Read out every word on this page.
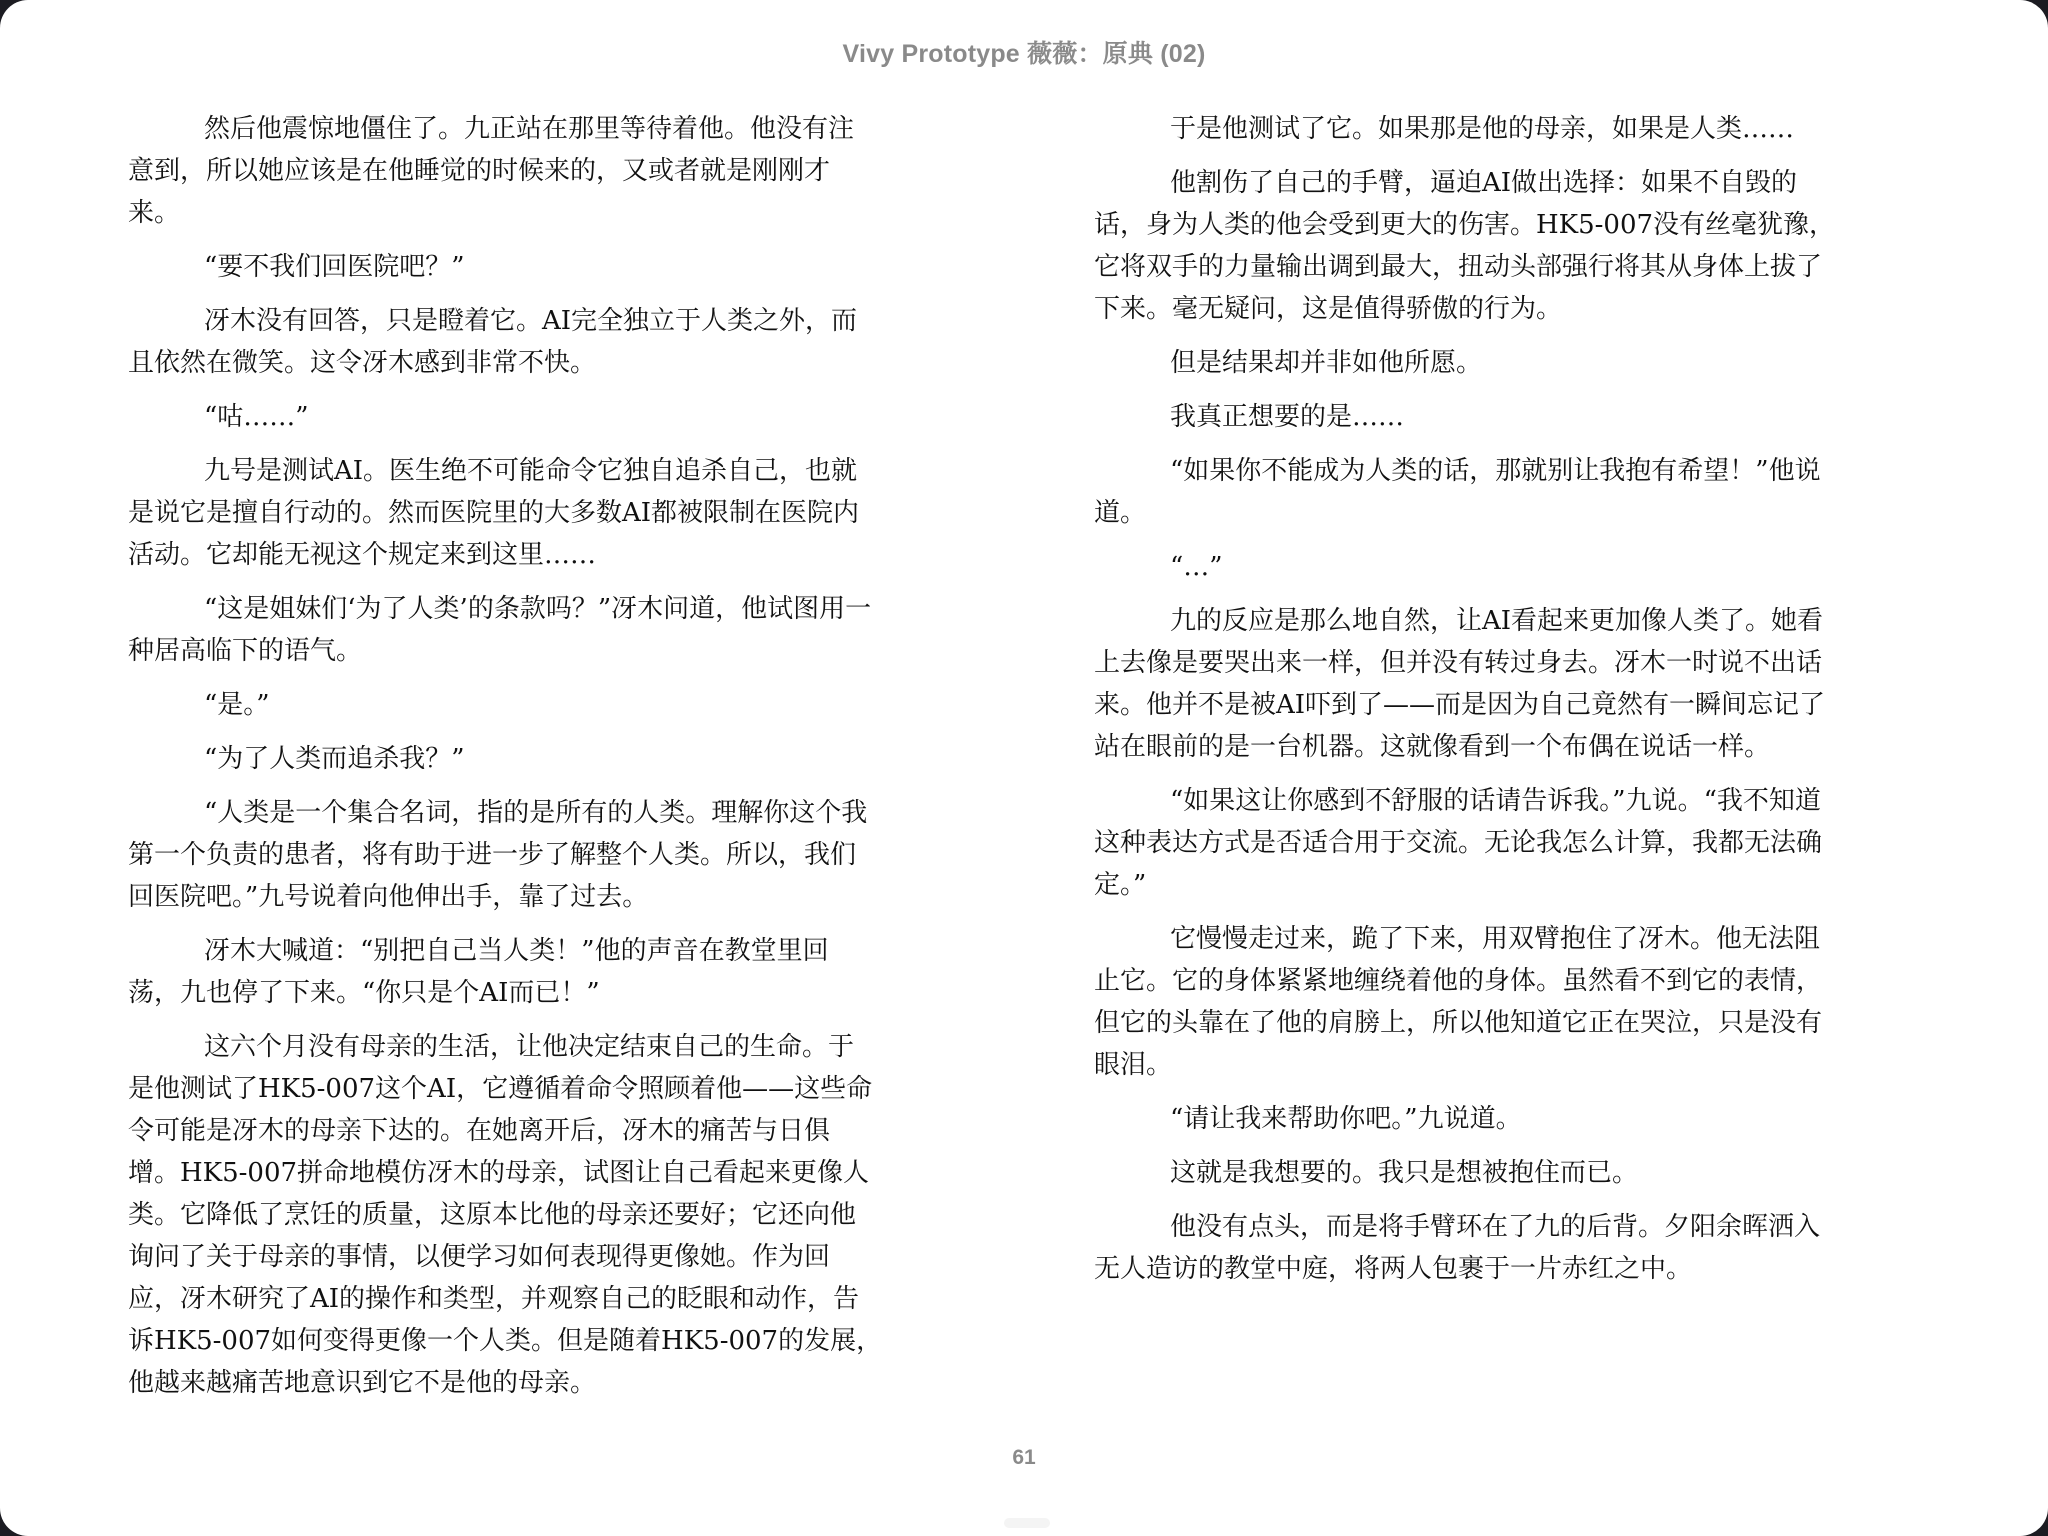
Vivy Prototype 薇薇：原典 (02)
然后他震惊地僵住了。九正站在那里等待着他。他没有注
意到，所以她应该是在他睡觉的时候来的，又或者就是刚刚才
来。
“要不我们回医院吧？”
冴木没有回答，只是瞪着它。AI完全独立于人类之外，而
且依然在微笑。这令冴木感到非常不快。
“咕……”
九号是测试AI。医生绝不可能命令它独自追杀自己，也就
是说它是擅自行动的。然而医院里的大多数AI都被限制在医院内
活动。它却能无视这个规定来到这里……
“这是姐妹们‘为了人类’的条款吗？”冴木问道，他试图用一
种居高临下的语气。
“是。”
“为了人类而追杀我？”
“人类是一个集合名词，指的是所有的人类。理解你这个我
第一个负责的患者，将有助于进一步了解整个人类。所以，我们
回医院吧。”九号说着向他伸出手，靠了过去。
冴木大喊道：“别把自己当人类！”他的声音在教堂里回
荡，九也停了下来。“你只是个AI而已！”
这六个月没有母亲的生活，让他决定结束自己的生命。于
是他测试了HK5-007这个AI，它遵循着命令照顾着他——这些命
令可能是冴木的母亲下达的。在她离开后，冴木的痛苦与日俱
增。HK5-007拼命地模仿冴木的母亲，试图让自己看起来更像人
类。它降低了烹饪的质量，这原本比他的母亲还要好；它还向他
询问了关于母亲的事情，以便学习如何表现得更像她。作为回
应，冴木研究了AI的操作和类型，并观察自己的眨眼和动作，告
诉HK5-007如何变得更像一个人类。但是随着HK5-007的发展，
他越来越痛苦地意识到它不是他的母亲。
于是他测试了它。如果那是他的母亲，如果是人类……
他割伤了自己的手臂，逼迫AI做出选择：如果不自毁的
话，身为人类的他会受到更大的伤害。HK5-007没有丝毫犹豫，
它将双手的力量输出调到最大，扭动头部强行将其从身体上拔了
下来。毫无疑问，这是值得骄傲的行为。
但是结果却并非如他所愿。
我真正想要的是……
“如果你不能成为人类的话，那就别让我抱有希望！”他说
道。
“…”
九的反应是那么地自然，让AI看起来更加像人类了。她看
上去像是要哭出来一样，但并没有转过身去。冴木一时说不出话
来。他并不是被AI吓到了——而是因为自己竟然有一瞬间忘记了
站在眼前的是一台机器。这就像看到一个布偶在说话一样。
“如果这让你感到不舒服的话请告诉我。”九说。“我不知道
这种表达方式是否适合用于交流。无论我怎么计算，我都无法确
定。”
它慢慢走过来，跪了下来，用双臂抱住了冴木。他无法阻
止它。它的身体紧紧地缠绕着他的身体。虽然看不到它的表情，
但它的头靠在了他的肩膀上，所以他知道它正在哭泣，只是没有
眼泪。
“请让我来帮助你吧。”九说道。
这就是我想要的。我只是想被抱住而已。
他没有点头，而是将手臂环在了九的后背。夕阳余晖洒入
无人造访的教堂中庭，将两人包裹于一片赤红之中。
61
